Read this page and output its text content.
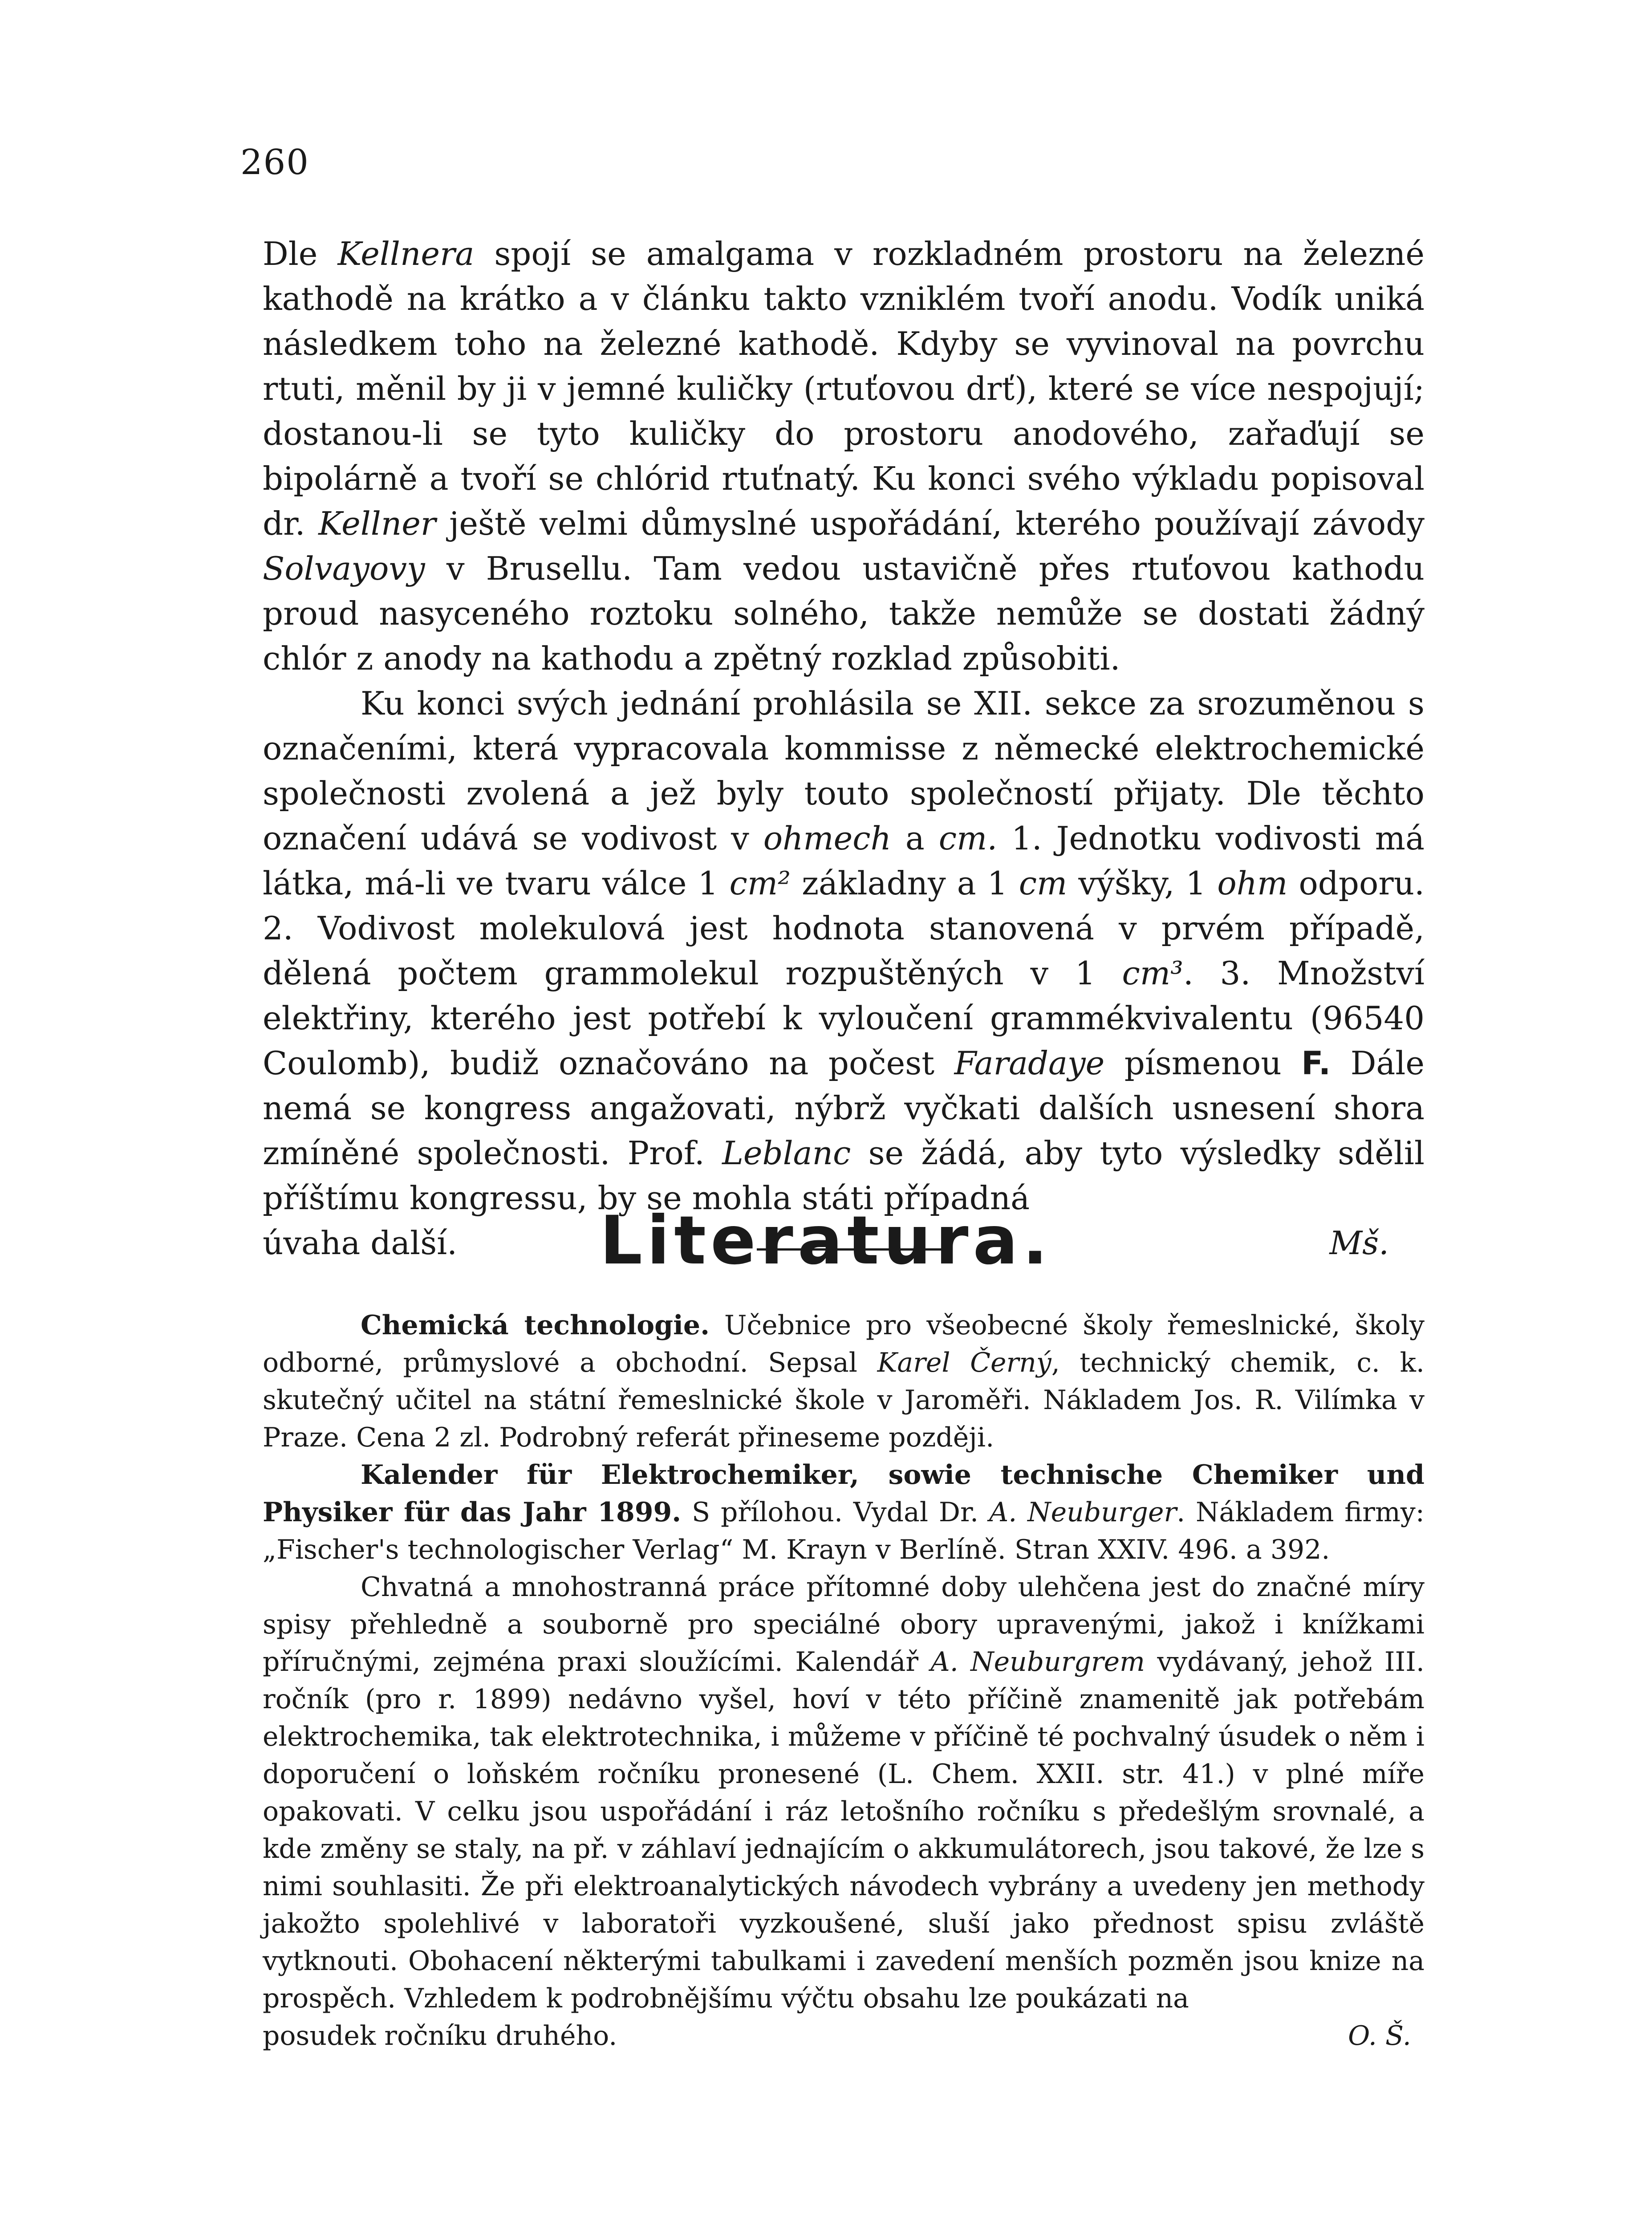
260

Dle Kellnera spojí se amalgama v rozkladném prostoru na železné kathodě na krátko a v článku takto vzniklém tvoří anodu. Vodík uniká následkem toho na železné kathodě. Kdyby se vyvinoval na povrchu rtuti, měnil by ji v jemné kuličky (rtuťovou drť), které se více nespojují; dostanou-li se tyto kuličky do prostoru anodového, zařaďují se bipolárně a tvoří se chlórid rtuťnatý. Ku konci svého výkladu popisoval dr. Kellner ještě velmi důmyslné uspořádání, kterého používají závody Solvayovy v Brusellu. Tam vedou ustavičně přes rtuťovou kathodu proud nasyceného roztoku solného, takže nemůže se dostati žádný chlór z anody na kathodu a zpětný rozklad způsobiti.

Ku konci svých jednání prohlásila se XII. sekce za srozuměnou s označeními, která vypracovala kommisse z německé elektrochemické společnosti zvolená a jež byly touto společností přijaty. Dle těchto označení udává se vodivost v ohmech a cm. 1. Jednotku vodivosti má látka, má-li ve tvaru válce 1 cm² základny a 1 cm výšky, 1 ohm odporu. 2. Vodivost molekulová jest hodnota stanovená v prvém případě, dělená počtem grammolekul rozpuštěných v 1 cm³. 3. Množství elektřiny, kterého jest potřebí k vyloučení grammékvivalentu (96540 Coulomb), budiž označováno na počest Faradaye písmenou F. Dále nemá se kongress angažovati, nýbrž vyčkati dalších usnesení shora zmíněné společnosti. Prof. Leblanc se žádá, aby tyto výsledky sdělil příštímu kongressu, by se mohla státi případná

úvaha další.	Mš.
Literatura.

Chemická technologie. Učebnice pro všeobecné školy řemeslnické, školy odborné, průmyslové a obchodní. Sepsal Karel Černý, technický chemik, c. k. skutečný učitel na státní řemeslnické škole v Jaroměři. Nákladem Jos. R. Vilímka v Praze. Cena 2 zl. Podrobný referát přineseme později.

Kalender für Elektrochemiker, sowie technische Chemiker und Physiker für das Jahr 1899. S přílohou. Vydal Dr. A. Neuburger. Nákladem firmy: „Fischer's technologischer Verlag“ M. Krayn v Berlíně. Stran XXIV. 496. a 392.

Chvatná a mnohostranná práce přítomné doby ulehčena jest do značné míry spisy přehledně a souborně pro speciálné obory upravenými, jakož i knížkami příručnými, zejména praxi sloužícími. Kalendář A. Neuburgrem vydávaný, jehož III. ročník (pro r. 1899) nedávno vyšel, hoví v této příčině znamenitě jak potřebám elektrochemika, tak elektrotechnika, i můžeme v příčině té pochvalný úsudek o něm i doporučení o loňském ročníku pronesené (L. Chem. XXII. str. 41.) v plné míře opakovati. V celku jsou uspořádání i ráz letošního ročníku s předešlým srovnalé, a kde změny se staly, na př. v záhlaví jednajícím o akkumulátorech, jsou takové, že lze s nimi souhlasiti. Že při elektroanalytických návodech vybrány a uvedeny jen methody jakožto spolehlivé v laboratoři vyzkoušené, sluší jako přednost spisu zvláště vytknouti. Obohacení některými tabulkami i zavedení menších pozměn jsou knize na prospěch. Vzhledem k podrobnějšímu výčtu obsahu lze poukázati na

posudek ročníku druhého.	O. Š.
